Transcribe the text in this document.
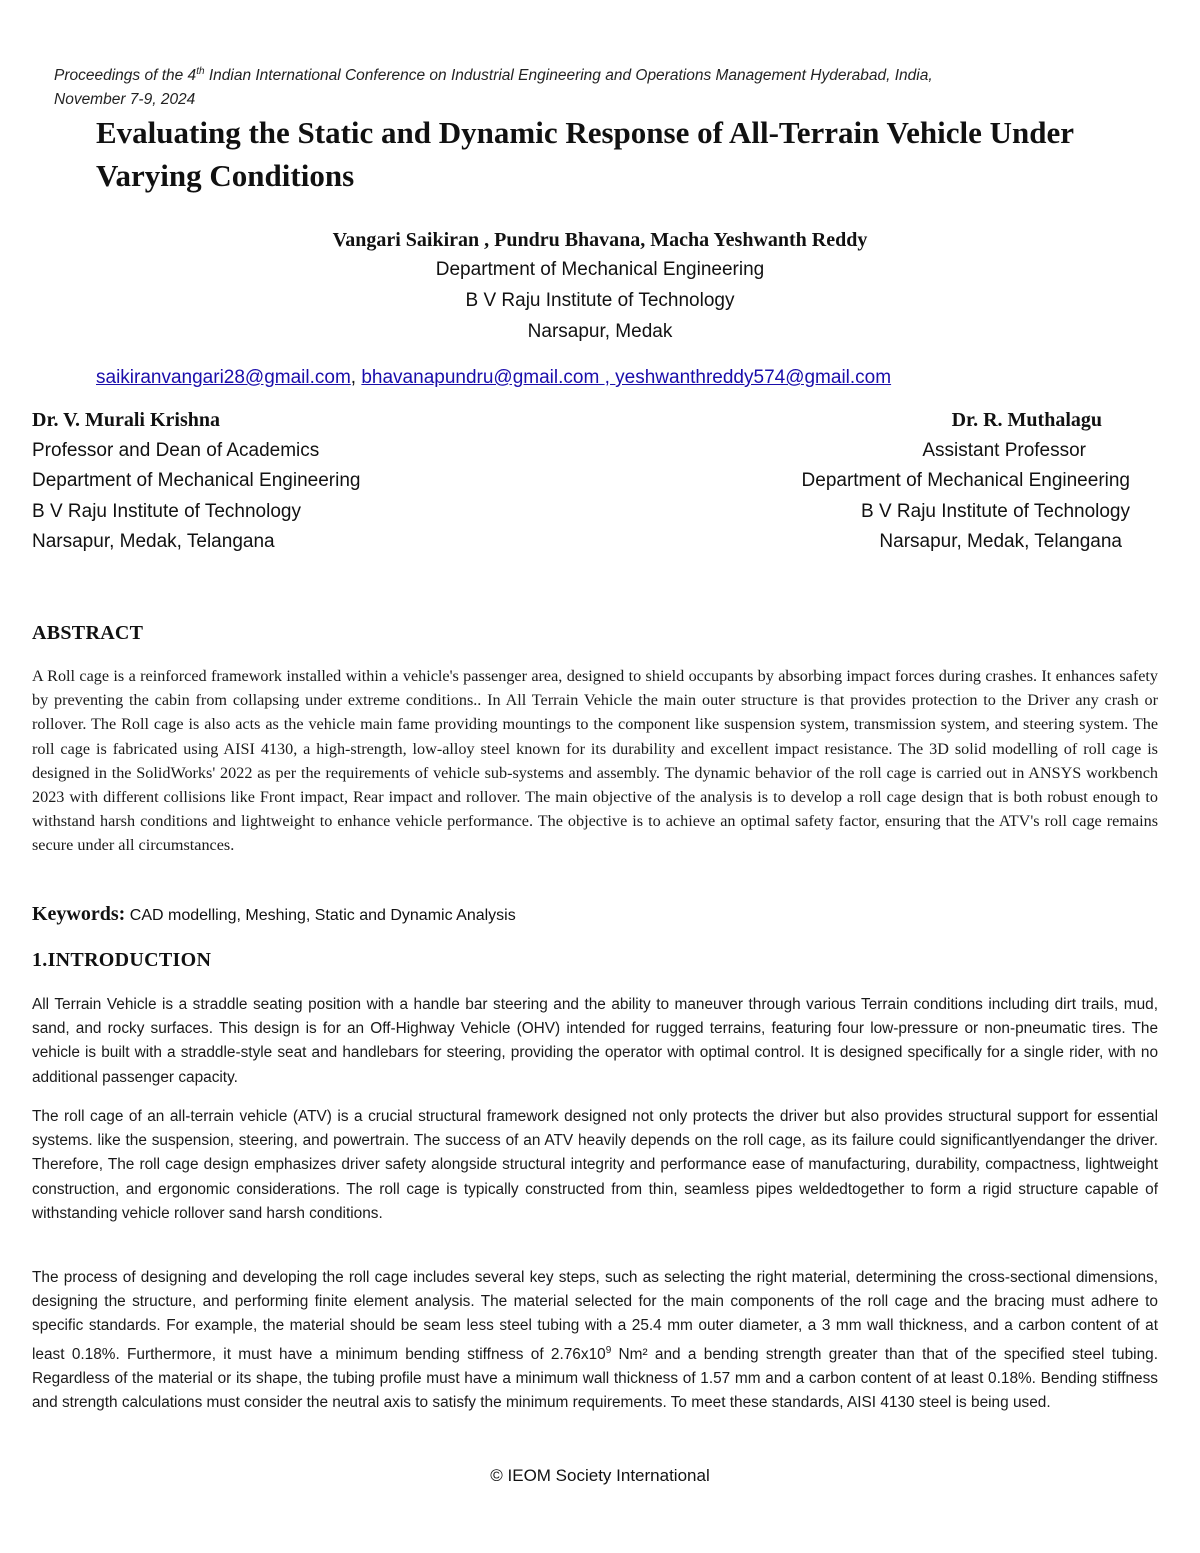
Proceedings of the 4th Indian International Conference on Industrial Engineering and Operations Management Hyderabad, India,
November 7-9, 2024
Evaluating the Static and Dynamic Response of All-Terrain Vehicle Under Varying Conditions
Vangari Saikiran , Pundru Bhavana, Macha Yeshwanth Reddy
Department of Mechanical Engineering
B V Raju Institute of Technology
Narsapur, Medak
saikiranvangari28@gmail.com, bhavanapundru@gmail.com , yeshwanthreddy574@gmail.com
Dr. V. Murali Krishna
Professor and Dean of Academics
Department of Mechanical Engineering
B V Raju Institute of Technology
Narsapur, Medak, Telangana
Dr. R. Muthalagu
Assistant Professor
Department of Mechanical Engineering
B V Raju Institute of Technology
Narsapur, Medak, Telangana
ABSTRACT

A Roll cage is a reinforced framework installed within a vehicle's passenger area, designed to shield occupants by absorbing impact forces during crashes. It enhances safety by preventing the cabin from collapsing under extreme conditions.. In All Terrain Vehicle the main outer structure is that provides protection to the Driver any crash or rollover. The Roll cage is also acts as the vehicle main fame providing mountings to the component like suspension system, transmission system, and steering system. The roll cage is fabricated using AISI 4130, a high-strength, low-alloy steel known for its durability and excellent impact resistance. The 3D solid modelling of roll cage is designed in the SolidWorks' 2022 as per the requirements of vehicle sub-systems and assembly. The dynamic behavior of the roll cage is carried out in ANSYS workbench 2023 with different collisions like Front impact, Rear impact and rollover. The main objective of the analysis is to develop a roll cage design that is both robust enough to withstand harsh conditions and lightweight to enhance vehicle performance. The objective is to achieve an optimal safety factor, ensuring that the ATV's roll cage remains secure under all circumstances.

Keywords: CAD modelling, Meshing, Static and Dynamic Analysis
1.INTRODUCTION

All Terrain Vehicle is a straddle seating position with a handle bar steering and the ability to maneuver through various Terrain conditions including dirt trails, mud, sand, and rocky surfaces. This design is for an Off-Highway Vehicle (OHV) intended for rugged terrains, featuring four low-pressure or non-pneumatic tires. The vehicle is built with a straddle-style seat and handlebars for steering, providing the operator with optimal control. It is designed specifically for a single rider, with no additional passenger capacity.

The roll cage of an all-terrain vehicle (ATV) is a crucial structural framework designed not only protects the driver but also provides structural support for essential systems. like the suspension, steering, and powertrain. The success of an ATV heavily depends on the roll cage, as its failure could significantlyendanger the driver. Therefore, The roll cage design emphasizes driver safety alongside structural integrity and performance ease of manufacturing, durability, compactness, lightweight construction, and ergonomic considerations. The roll cage is typically constructed from thin, seamless pipes weldedtogether to form a rigid structure capable of withstanding vehicle rollover sand harsh conditions.

The process of designing and developing the roll cage includes several key steps, such as selecting the right material, determining the cross-sectional dimensions, designing the structure, and performing finite element analysis. The material selected for the main components of the roll cage and the bracing must adhere to specific standards. For example, the material should be seam less steel tubing with a 25.4 mm outer diameter, a 3 mm wall thickness, and a carbon content of at least 0.18%. Furthermore, it must have a minimum bending stiffness of $2.76x10^9$ Nm² and a bending strength greater than that of the specified steel tubing. Regardless of the material or its shape, the tubing profile must have a minimum wall thickness of 1.57 mm and a carbon content of at least 0.18%. Bending stiffness and strength calculations must consider the neutral axis to satisfy the minimum requirements. To meet these standards, AISI 4130 steel is being used.

© IEOM Society International
